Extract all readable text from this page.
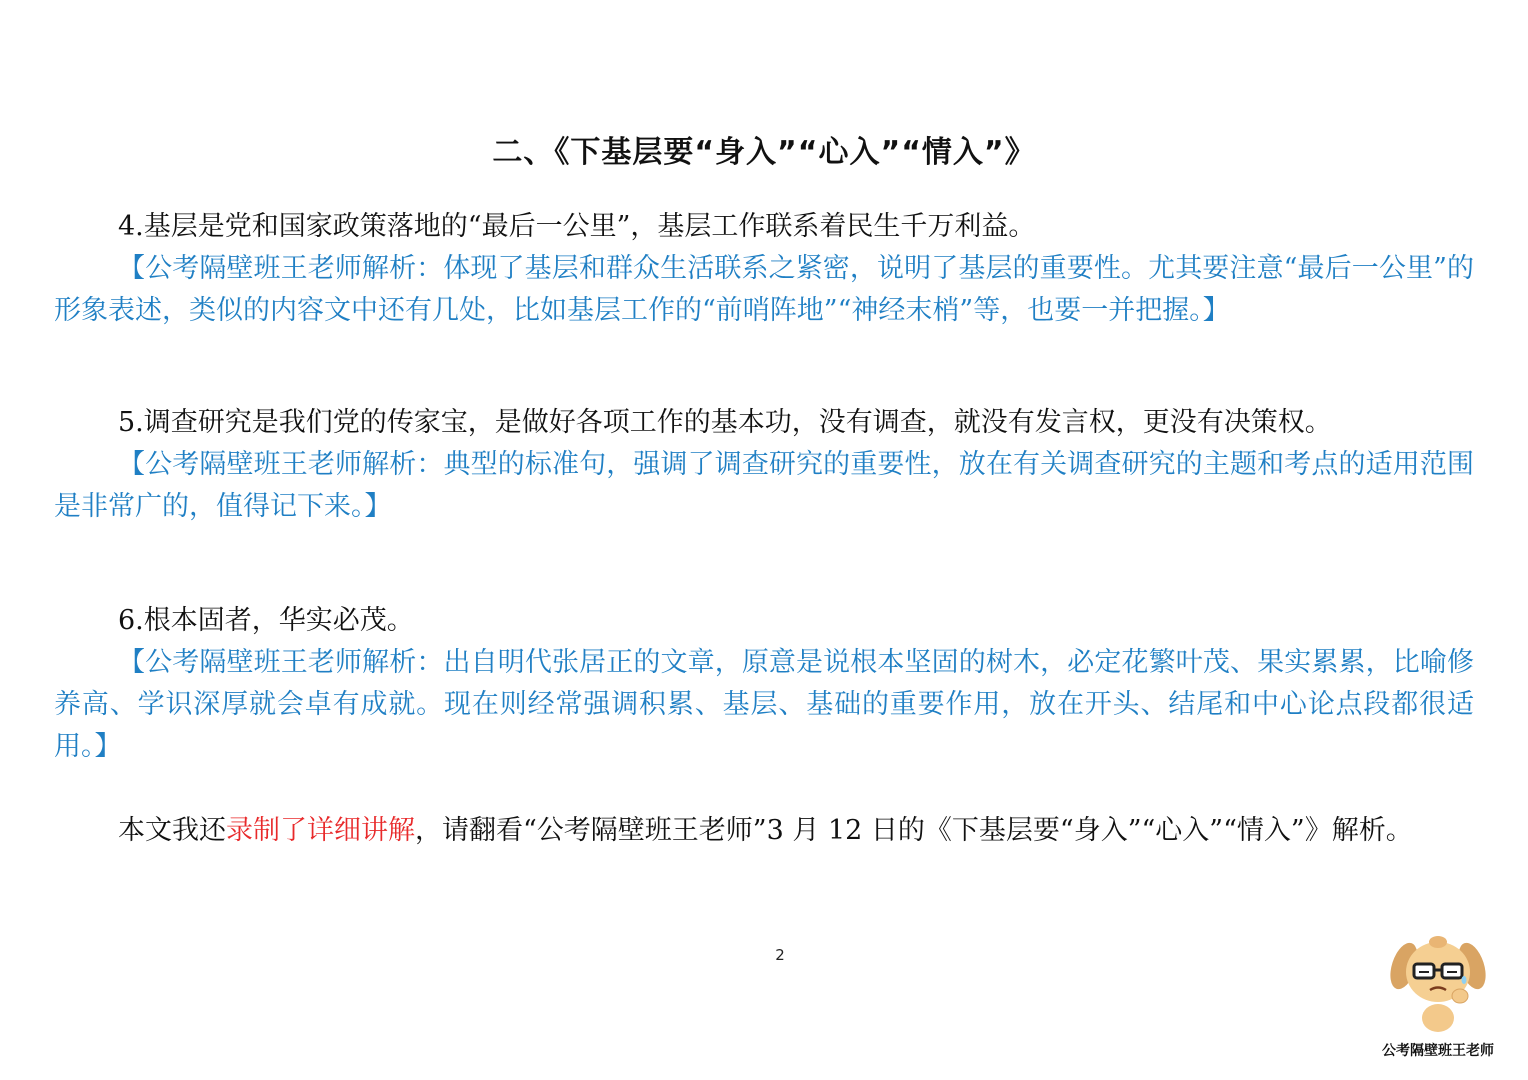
二、《下基层要“身入”“心入”“情入”》
4.基层是党和国家政策落地的“最后一公里”，基层工作联系着民生千万利益。
【公考隔壁班王老师解析：体现了基层和群众生活联系之紧密，说明了基层的重要性。尤其要注意“最后一公里”的形象表述，类似的内容文中还有几处，比如基层工作的“前哨阵地”“神经末梢”等，也要一并把握。】
5.调查研究是我们党的传家宝，是做好各项工作的基本功，没有调查，就没有发言权，更没有决策权。
【公考隔壁班王老师解析：典型的标准句，强调了调查研究的重要性，放在有关调查研究的主题和考点的适用范围是非常广的，值得记下来。】
6.根本固者，华实必茂。
【公考隔壁班王老师解析：出自明代张居正的文章，原意是说根本坚固的树木，必定花繁叶茂、果实累累，比喻修养高、学识深厚就会卓有成就。现在则经常强调积累、基层、基础的重要作用，放在开头、结尾和中心论点段都很适用。】
本文我还录制了详细讲解，请翻看“公考隔壁班王老师”3 月 12 日的《下基层要“身入”“心入”“情入”》解析。
2
公考隔壁班王老师
